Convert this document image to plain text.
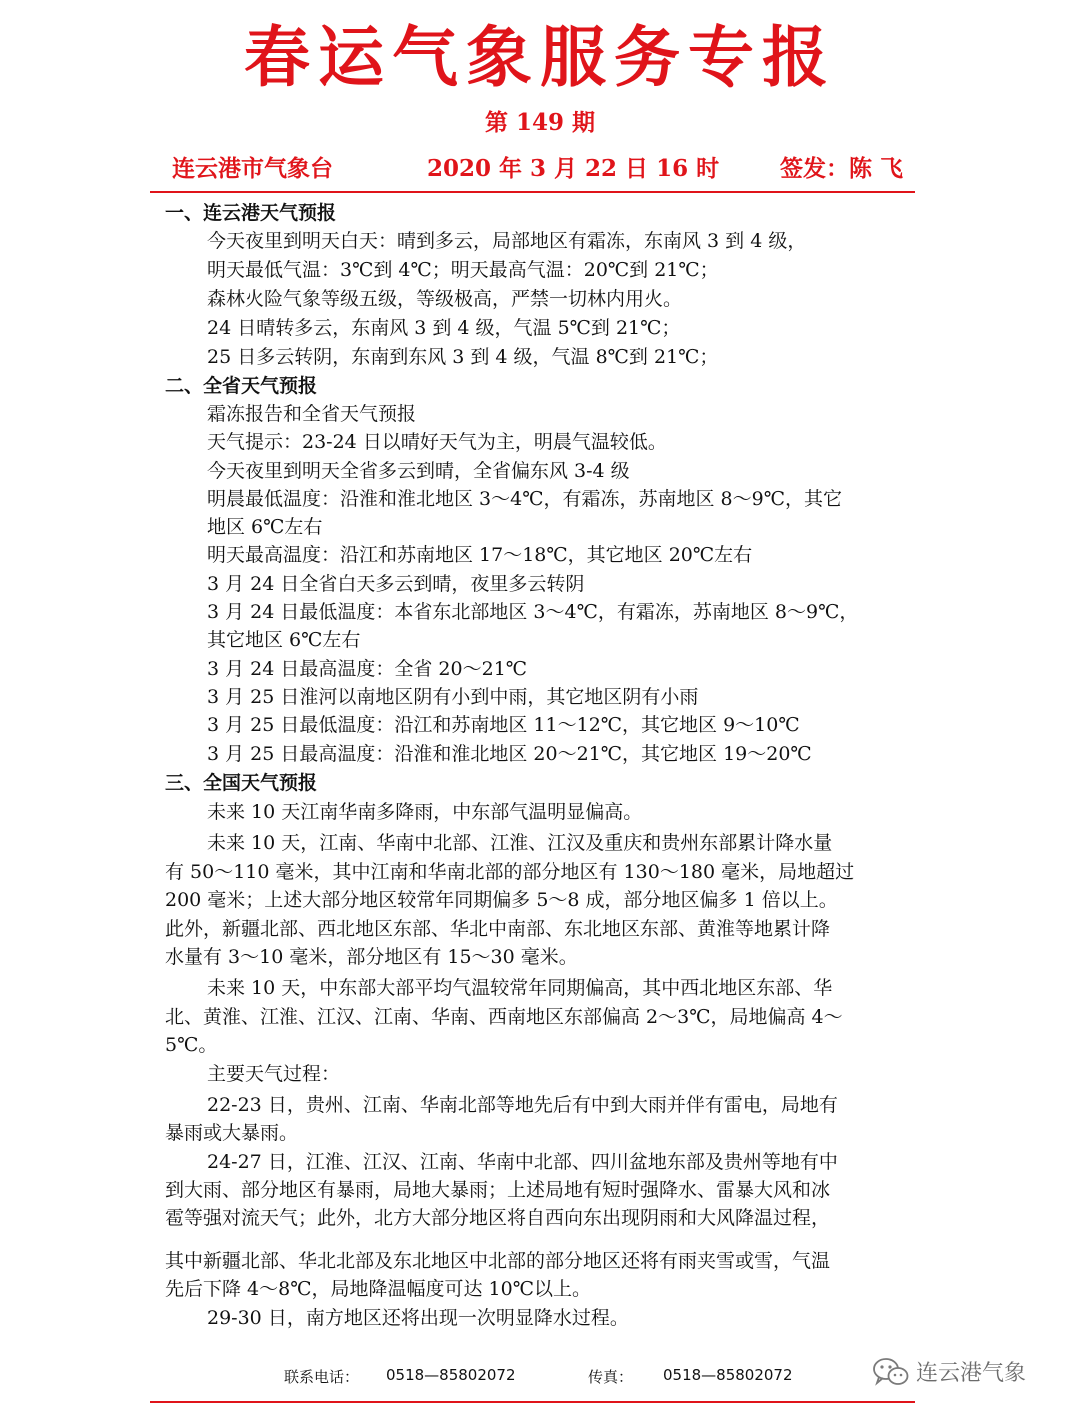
春运气象服务专报
第 149 期
连云港市气象台	2020 年 3 月 22 日 16 时	签发：陈 飞
一、连云港天气预报
今天夜里到明天白天：晴到多云，局部地区有霜冻，东南风 3 到 4 级，
明天最低气温：3℃到 4℃；明天最高气温：20℃到 21℃；
森林火险气象等级五级，等级极高，严禁一切林内用火。
24 日晴转多云，东南风 3 到 4 级，气温 5℃到 21℃；
25 日多云转阴，东南到东风 3 到 4 级，气温 8℃到 21℃；
二、全省天气预报
霜冻报告和全省天气预报
天气提示：23-24 日以晴好天气为主，明晨气温较低。
今天夜里到明天全省多云到晴，全省偏东风 3-4 级
明晨最低温度：沿淮和淮北地区 3～4℃，有霜冻，苏南地区 8～9℃，其它
地区 6℃左右
明天最高温度：沿江和苏南地区 17～18℃，其它地区 20℃左右
3 月 24 日全省白天多云到晴，夜里多云转阴
3 月 24 日最低温度：本省东北部地区 3～4℃，有霜冻，苏南地区 8～9℃，
其它地区 6℃左右
3 月 24 日最高温度：全省 20～21℃
3 月 25 日淮河以南地区阴有小到中雨，其它地区阴有小雨
3 月 25 日最低温度：沿江和苏南地区 11～12℃，其它地区 9～10℃
3 月 25 日最高温度：沿淮和淮北地区 20～21℃，其它地区 19～20℃
三、全国天气预报
未来 10 天江南华南多降雨，中东部气温明显偏高。
未来 10 天，江南、华南中北部、江淮、江汉及重庆和贵州东部累计降水量
有 50～110 毫米，其中江南和华南北部的部分地区有 130～180 毫米，局地超过
200 毫米；上述大部分地区较常年同期偏多 5～8 成，部分地区偏多 1 倍以上。
此外，新疆北部、西北地区东部、华北中南部、东北地区东部、黄淮等地累计降
水量有 3～10 毫米，部分地区有 15～30 毫米。
未来 10 天，中东部大部平均气温较常年同期偏高，其中西北地区东部、华
北、黄淮、江淮、江汉、江南、华南、西南地区东部偏高 2～3℃，局地偏高 4～
5℃。
主要天气过程：
22-23 日，贵州、江南、华南北部等地先后有中到大雨并伴有雷电，局地有
暴雨或大暴雨。
24-27 日，江淮、江汉、江南、华南中北部、四川盆地东部及贵州等地有中
到大雨、部分地区有暴雨，局地大暴雨；上述局地有短时强降水、雷暴大风和冰
雹等强对流天气；此外，北方大部分地区将自西向东出现阴雨和大风降温过程，
其中新疆北部、华北北部及东北地区中北部的部分地区还将有雨夹雪或雪，气温
先后下降 4～8℃，局地降温幅度可达 10℃以上。
29-30 日，南方地区还将出现一次明显降水过程。
联系电话： 0518—85802072	传真： 0518—85802072	连云港气象
